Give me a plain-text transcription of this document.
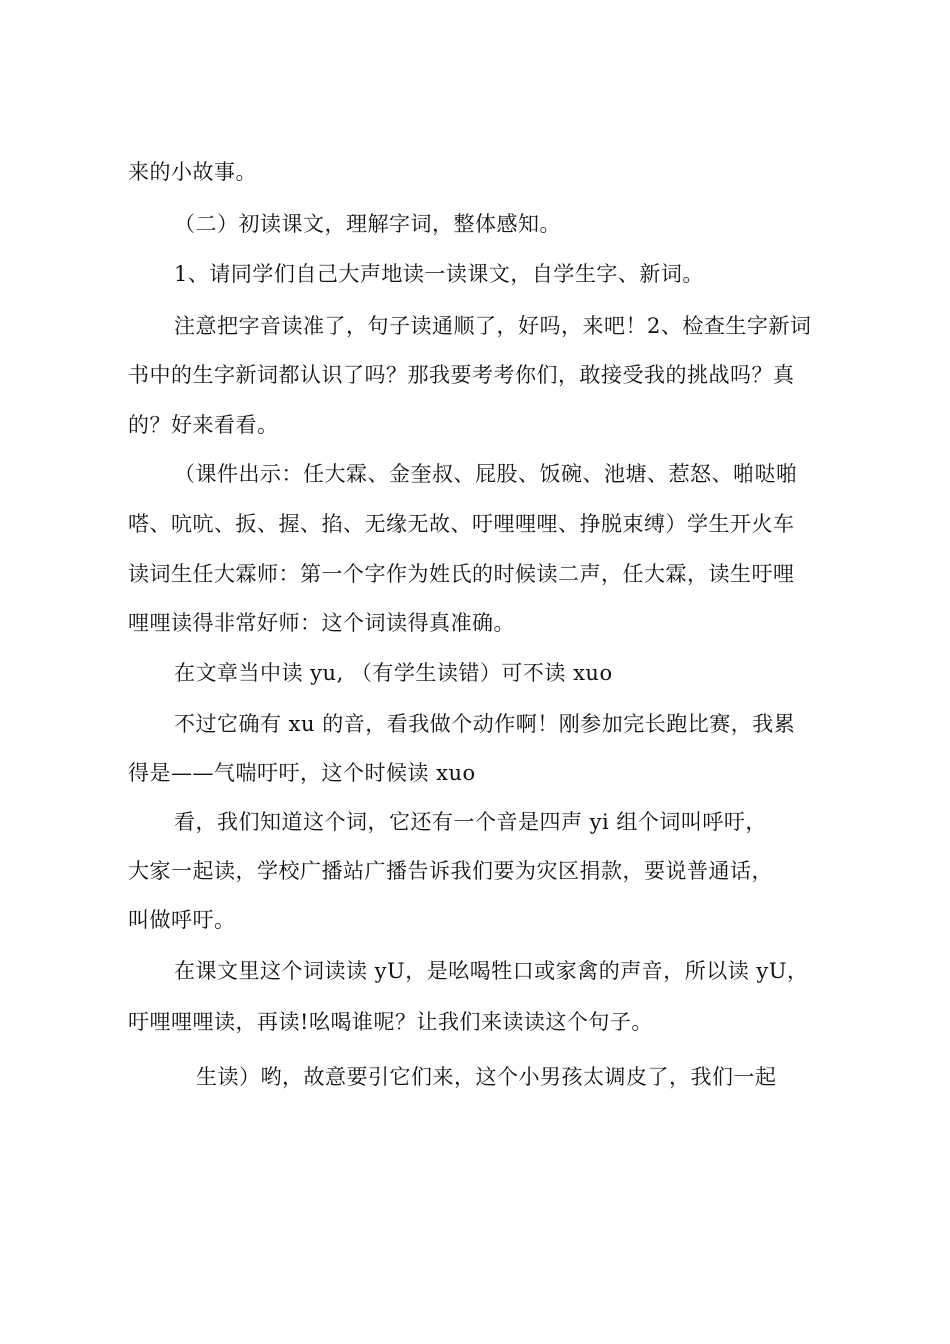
来的小故事。
（二）初读课文，理解字词，整体感知。
1、请同学们自己大声地读一读课文，自学生字、新词。
注意把字音读准了，句子读通顺了，好吗，来吧！2、检查生字新词
书中的生字新词都认识了吗？那我要考考你们，敢接受我的挑战吗？真
的？好来看看。
（课件出示：任大霖、金奎叔、屁股、饭碗、池塘、惹怒、啪哒啪
嗒、吭吭、扳、握、掐、无缘无故、吁哩哩哩、挣脱束缚）学生开火车
读词生任大霖师：第一个字作为姓氏的时候读二声，任大霖，读生吁哩
哩哩读得非常好师：这个词读得真准确。
在文章当中读 yu, （有学生读错）可不读 xuo
不过它确有 xu 的音，看我做个动作啊！刚参加完长跑比赛，我累
得是——气喘吁吁，这个时候读 xuo
看，我们知道这个词，它还有一个音是四声 yi 组个词叫呼吁，
大家一起读，学校广播站广播告诉我们要为灾区捐款，要说普通话，
叫做呼吁。
在课文里这个词读读 yU，是吆喝牲口或家禽的声音，所以读 yU，
吁哩哩哩读，再读!吆喝谁呢？让我们来读读这个句子。
生读）哟，故意要引它们来，这个小男孩太调皮了，我们一起
